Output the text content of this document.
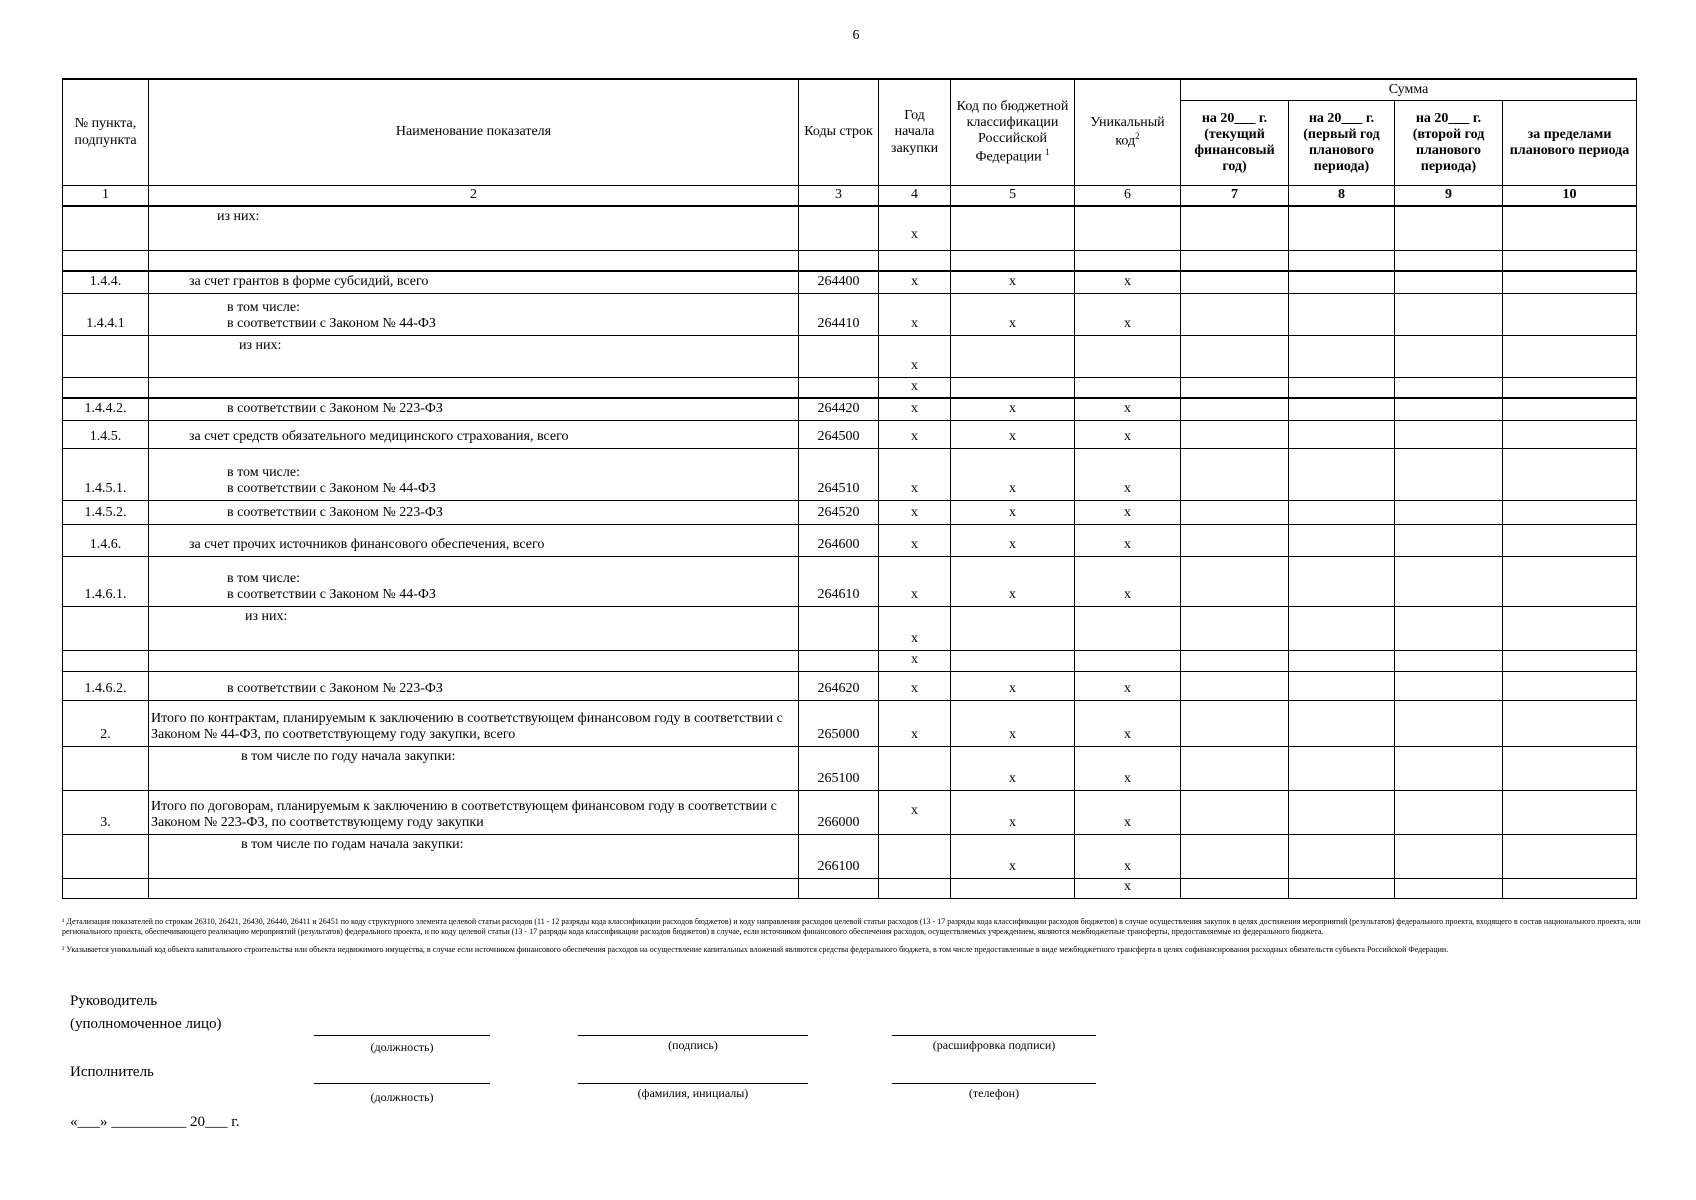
6
№ пункта, подпункта	Наименование показателя	Коды строк	Год начала закупки	Код по бюджетной классификации Российской Федерации $^1$	Уникальный код$^2$	Сумма			
						на 20___ г. (текущий финансовый год)	на 20___ г. (первый год планового периода)	на 20___ г. (второй год планового периода)	за пределами планового периода
1	2	3	4	5	6	7	8	9	10
	из них:		x						

1.4.4.	за счет грантов в форме субсидий, всего	264400	x	x	x				
1.4.4.1	в том числе:
в соответствии с Законом № 44-ФЗ	264410	x	x	x				
	из них:		x						
			x						
1.4.4.2.	в соответствии с Законом № 223-ФЗ	264420	x	x	x				
1.4.5.	за счет средств обязательного медицинского страхования, всего	264500	x	x	x				
1.4.5.1.	в том числе:
в соответствии с Законом № 44-ФЗ	264510	x	x	x				
1.4.5.2.	в соответствии с Законом № 223-ФЗ	264520	x	x	x				
1.4.6.	за счет прочих источников финансового обеспечения, всего	264600	x	x	x				
1.4.6.1.	в том числе:
в соответствии с Законом № 44-ФЗ	264610	x	x	x				
	из них:		x						
			x						
1.4.6.2.	в соответствии с Законом № 223-ФЗ	264620	x	x	x				
2.	Итого по контрактам, планируемым к заключению в соответствующем финансовом году в соответствии с Законом № 44-ФЗ, по соответствующему году закупки, всего	265000	x	x	x				
	в том числе по году начала закупки:	265100		x	x				
3.	Итого по договорам, планируемым к заключению в соответствующем финансовом году в соответствии с Законом № 223-ФЗ, по соответствующему году закупки	266000	x	x	x				
	в том числе по годам начала закупки:	266100		x	x				
					x				

¹ Детализация показателей по строкам 26310, 26421, 26430, 26440, 26411 и 26451 по коду структурного элемента целевой статьи расходов (11 - 12 разряды кода классификации расходов бюджетов) и коду направления расходов целевой статьи расходов (13 - 17 разряды кода классификации расходов бюджетов) в случае осуществления закупок в целях достижения мероприятий (результатов) федерального проекта, входящего в состав национального проекта, или регионального проекта, обеспечивающего реализацию мероприятий (результатов) федерального проекта, и по коду целевой статьи (13 - 17 разряды кода классификации расходов бюджетов) в случае, если источником финансового обеспечения расходов, осуществляемых учреждением, являются межбюджетные трансферты, предоставляемые из федерального бюджета.

² Указывается уникальный код объекта капитального строительства или объекта недвижимого имущества, в случае если источником финансового обеспечения расходов на осуществление капитальных вложений являются средства федерального бюджета, в том числе предоставленные в виде межбюджетного трансферта в целях софинансирования расходных обязательств субъекта Российской Федерации.

Руководитель
(уполномоченное лицо)
(должность)	(подпись)	(расшифровка подписи)
Исполнитель
(должность)	(фамилия, инициалы)	(телефон)
«___» __________ 20___ г.
